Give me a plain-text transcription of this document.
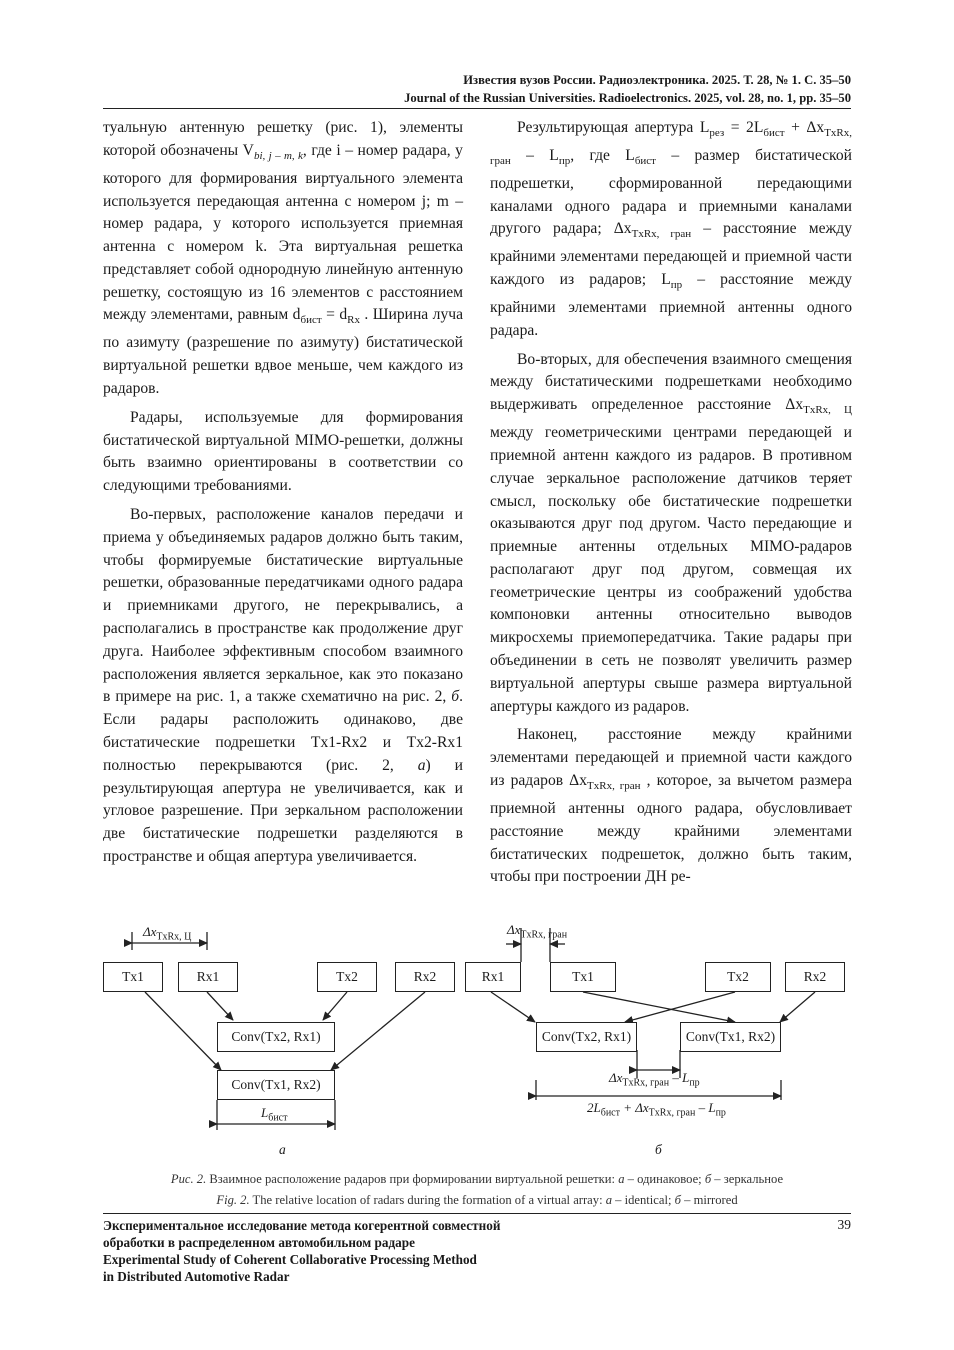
Известия вузов России. Радиоэлектроника. 2025. Т. 28, № 1. С. 35–50
Journal of the Russian Universities. Radioelectronics. 2025, vol. 28, no. 1, pp. 35–50

туальную антенную решетку (рис. 1), элементы которой обозначены $V_{bi, j - m, k}$, где i – номер радара, у которого для формирования виртуального элемента используется передающая антенна с номером j; m – номер радара, у которого используется приемная антенна с номером k. Эта виртуальная решетка представляет собой однородную линейную антенную решетку, состоящую из 16 элементов с расстоянием между элементами, равным $d_{бист} = d_{Rx}$ . Ширина луча по азимуту (разрешение по азимуту) бистатической виртуальной решетки вдвое меньше, чем каждого из радаров.

Радары, используемые для формирования бистатической виртуальной MIMO-решетки, должны быть взаимно ориентированы в соответствии со следующими требованиями.

Во-первых, расположение каналов передачи и приема у объединяемых радаров должно быть таким, чтобы формируемые бистатические виртуальные решетки, образованные передатчиками одного радара и приемниками другого, не перекрывались, а располагались в пространстве как продолжение друг друга. Наиболее эффективным способом взаимного расположения является зеркальное, как это показано в примере на рис. 1, а также схематично на рис. 2, б. Если радары расположить одинаково, две бистатические подрешетки Tx1-Rx2 и Tx2-Rx1 полностью перекрываются (рис. 2, а) и результирующая апертура не увеличивается, как и угловое разрешение. При зеркальном расположении две бистатические подрешетки разделяются в пространстве и общая апертура увеличивается.

Результирующая апертура $L_{рез} = 2L_{бист} + \Delta x_{TxRx, гран} - L_{пр}$, где $L_{бист}$ – размер бистатической подрешетки, сформированной передающими каналами одного радара и приемными каналами другого радара; $\Delta x_{TxRx, гран}$ – расстояние между крайними элементами передающей и приемной части каждого из радаров; $L_{пр}$ – расстояние между крайними элементами приемной антенны одного радара.

Во-вторых, для обеспечения взаимного смещения между бистатическими подрешетками необходимо выдерживать определенное расстояние $\Delta x_{TxRx, Ц}$ между геометрическими центрами передающей и приемной антенн каждого из радаров. В противном случае зеркальное расположение датчиков теряет смысл, поскольку обе бистатические подрешетки оказываются друг под другом. Часто передающие и приемные антенны отдельных MIMO-радаров располагают друг под другом, совмещая их геометрические центры из соображений удобства компоновки антенны относительно выводов микросхемы приемопередатчика. Такие радары при объединении в сеть не позволят увеличить размер виртуальной апертуры свыше размера виртуальной апертуры каждого из радаров.

Наконец, расстояние между крайними элементами передающей и приемной части каждого из радаров $\Delta x_{TxRx, гран}$ , которое, за вычетом размера приемной антенны одного радара, обусловливает расстояние между крайними элементами бистатических подрешеток, должно быть таким, чтобы при построении ДН ре-

Tx1	Rx1	Tx2	Rx2
Conv(Tx2, Rx1)
Conv(Tx1, Rx2)
$\Delta x_{TxRx, Ц}$
$L_{бист}$
а
Rx1	Tx1	Tx2	Rx2
Conv(Tx2, Rx1)	Conv(Tx1, Rx2)
$\Delta x_{TxRx, гран}$
$\Delta x_{TxRx, гран} - L_{пр}$
$2L_{бист} + \Delta x_{TxRx, гран} - L_{пр}$
б
Рис. 2. Взаимное расположение радаров при формировании виртуальной решетки: а – одинаковое; б – зеркальное
Fig. 2. The relative location of radars during the formation of a virtual array: а – identical; б – mirrored
Экспериментальное исследование метода когерентной совместной
обработки в распределенном автомобильном радаре
Experimental Study of Coherent Collaborative Processing Method
in Distributed Automotive Radar
39
